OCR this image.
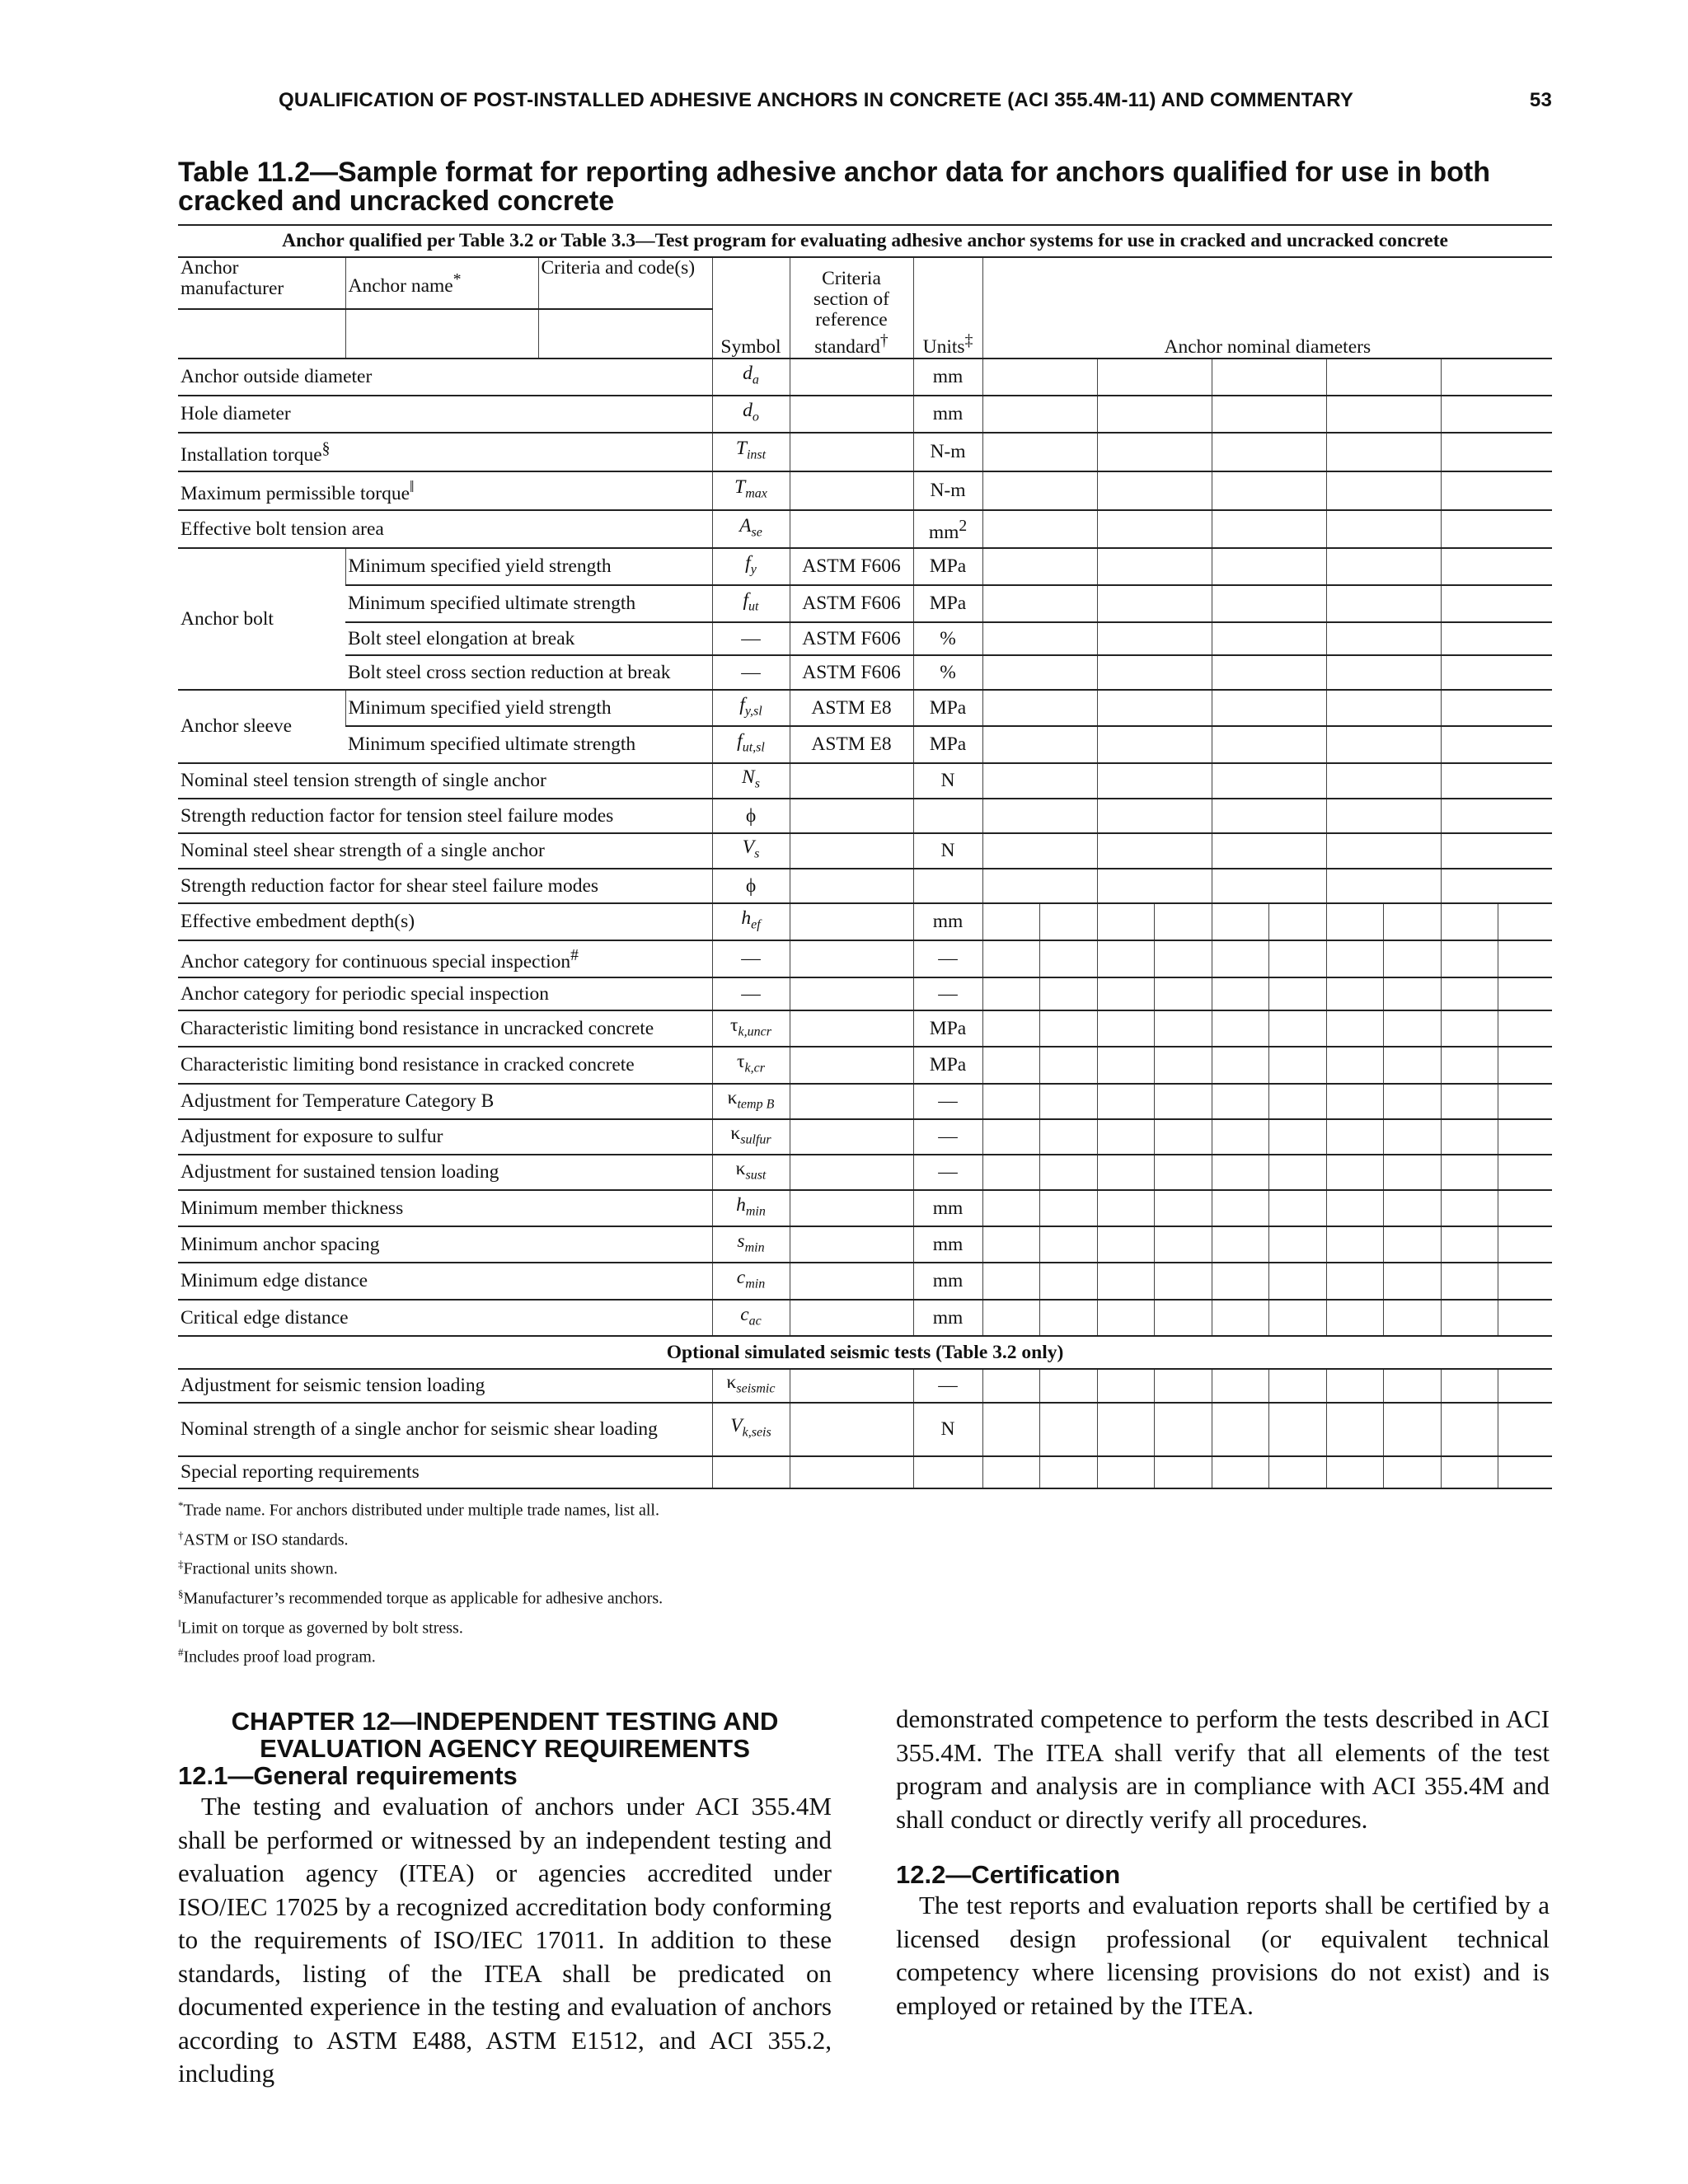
QUALIFICATION OF POST-INSTALLED ADHESIVE ANCHORS IN CONCRETE (ACI 355.4M-11) AND COMMENTARY	53
Table 11.2—Sample format for reporting adhesive anchor data for anchors qualified for use in both
cracked and uncracked concrete
Anchor qualified per Table 3.2 or Table 3.3—Test program for evaluating adhesive anchor systems for use in cracked and uncracked concrete															
Anchor manufacturer	Anchor name*	Criteria and code(s)	Symbol	Criteria section of reference standard†	Units‡	Anchor nominal diameters									

Anchor outside diameter			$d_a$		mm										
Hole diameter			$d_o$		mm										
Installation torque§			$T_{inst}$		N-m										
Maximum permissible torque‖			$T_{max}$		N-m										
Effective bolt tension area			$A_{se}$		$mm^2$					
Anchor bolt	Minimum specified yield strength		$f_y$	ASTM F606	MPa										
	Minimum specified ultimate strength		$f_{ut}$	ASTM F606	MPa										
	Bolt steel elongation at break		—	ASTM F606	%										
	Bolt steel cross section reduction at break		—	ASTM F606	%										
Anchor sleeve	Minimum specified yield strength		$f_{y,sl}$	ASTM E8	MPa										
	Minimum specified ultimate strength		$f_{ut,sl}$	ASTM E8	MPa										
Nominal steel tension strength of single anchor			$N_s$		N										
Strength reduction factor for tension steel failure modes			ϕ												
Nominal steel shear strength of a single anchor			$V_s$		N										
Strength reduction factor for shear steel failure modes			ϕ												
Effective embedment depth(s)			$h_{ef}$		mm										
Anchor category for continuous special inspection#			—		—										
Anchor category for periodic special inspection			—		—										
Characteristic limiting bond resistance in uncracked concrete			$\tau_{k,uncr}$		MPa										
Characteristic limiting bond resistance in cracked concrete			$\tau_{k,cr}$		MPa										
Adjustment for Temperature Category B			$\kappa_{temp B}$		—										
Adjustment for exposure to sulfur			$\kappa_{sulfur}$		—										
Adjustment for sustained tension loading			$\kappa_{sust}$		—										
Minimum member thickness			$h_{min}$		mm										
Minimum anchor spacing			$s_{min}$		mm										
Minimum edge distance			$c_{min}$		mm										
Critical edge distance			$c_{ac}$		mm										
Optional simulated seismic tests (Table 3.2 only)															
Adjustment for seismic tension loading			$\kappa_{seismic}$		—										
Nominal strength of a single anchor for seismic shear loading			$V_{k,seis}$		N										
Special reporting requirements															
*Trade name. For anchors distributed under multiple trade names, list all.
†ASTM or ISO standards.
‡Fractional units shown.
§Manufacturer’s recommended torque as applicable for adhesive anchors.
‖Limit on torque as governed by bolt stress.
#Includes proof load program.
CHAPTER 12—INDEPENDENT TESTING AND
EVALUATION AGENCY REQUIREMENTS
12.1—General requirements

The testing and evaluation of anchors under ACI 355.4M shall be performed or witnessed by an independent testing and evaluation agency (ITEA) or agencies accredited under ISO/IEC 17025 by a recognized accreditation body conforming to the requirements of ISO/IEC 17011. In addition to these standards, listing of the ITEA shall be predicated on documented experience in the testing and evaluation of anchors according to ASTM E488, ASTM E1512, and ACI 355.2, including

demonstrated competence to perform the tests described in ACI 355.4M. The ITEA shall verify that all elements of the test program and analysis are in compliance with ACI 355.4M and shall conduct or directly verify all procedures.

12.2—Certification

The test reports and evaluation reports shall be certified by a licensed design professional (or equivalent technical competency where licensing provisions do not exist) and is employed or retained by the ITEA.
